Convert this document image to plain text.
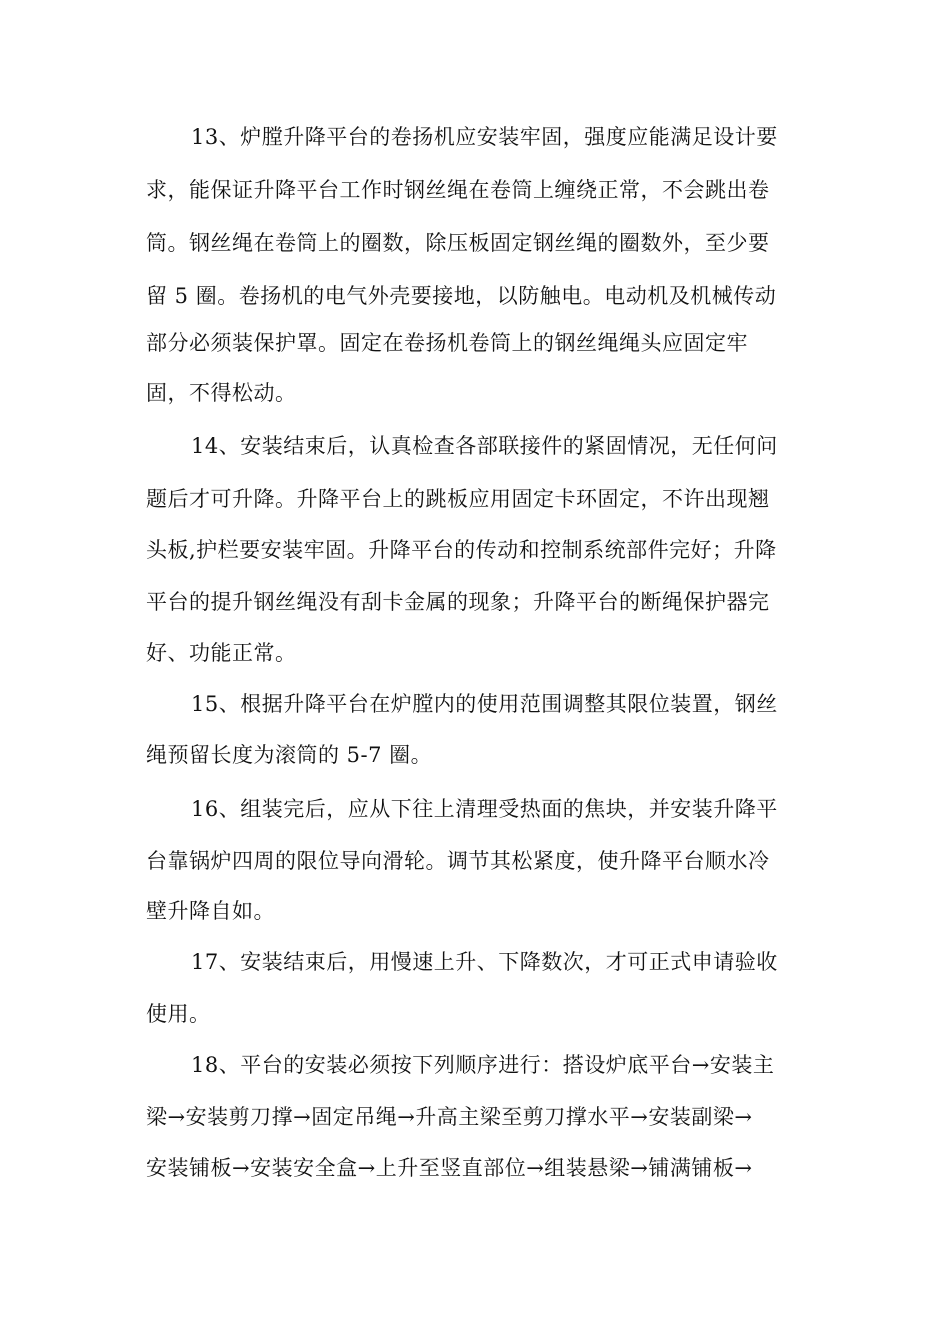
13、炉膛升降平台的卷扬机应安装牢固，强度应能满足设计要
求，能保证升降平台工作时钢丝绳在卷筒上缠绕正常，不会跳出卷
筒。钢丝绳在卷筒上的圈数，除压板固定钢丝绳的圈数外，至少要
留 5 圈。卷扬机的电气外壳要接地，以防触电。电动机及机械传动
部分必须装保护罩。固定在卷扬机卷筒上的钢丝绳绳头应固定牢
固，不得松动。
14、安装结束后，认真检查各部联接件的紧固情况，无任何问
题后才可升降。升降平台上的跳板应用固定卡环固定，不许出现翘
头板,护栏要安装牢固。升降平台的传动和控制系统部件完好；升降
平台的提升钢丝绳没有刮卡金属的现象；升降平台的断绳保护器完
好、功能正常。
15、根据升降平台在炉膛内的使用范围调整其限位装置，钢丝
绳预留长度为滚筒的 5-7 圈。
16、组装完后，应从下往上清理受热面的焦块，并安装升降平
台靠锅炉四周的限位导向滑轮。调节其松紧度，使升降平台顺水冷
壁升降自如。
17、安装结束后，用慢速上升、下降数次，才可正式申请验收
使用。
18、平台的安装必须按下列顺序进行：搭设炉底平台→安装主
梁→安装剪刀撑→固定吊绳→升高主梁至剪刀撑水平→安装副梁→
安装铺板→安装安全盒→上升至竖直部位→组装悬梁→铺满铺板→
